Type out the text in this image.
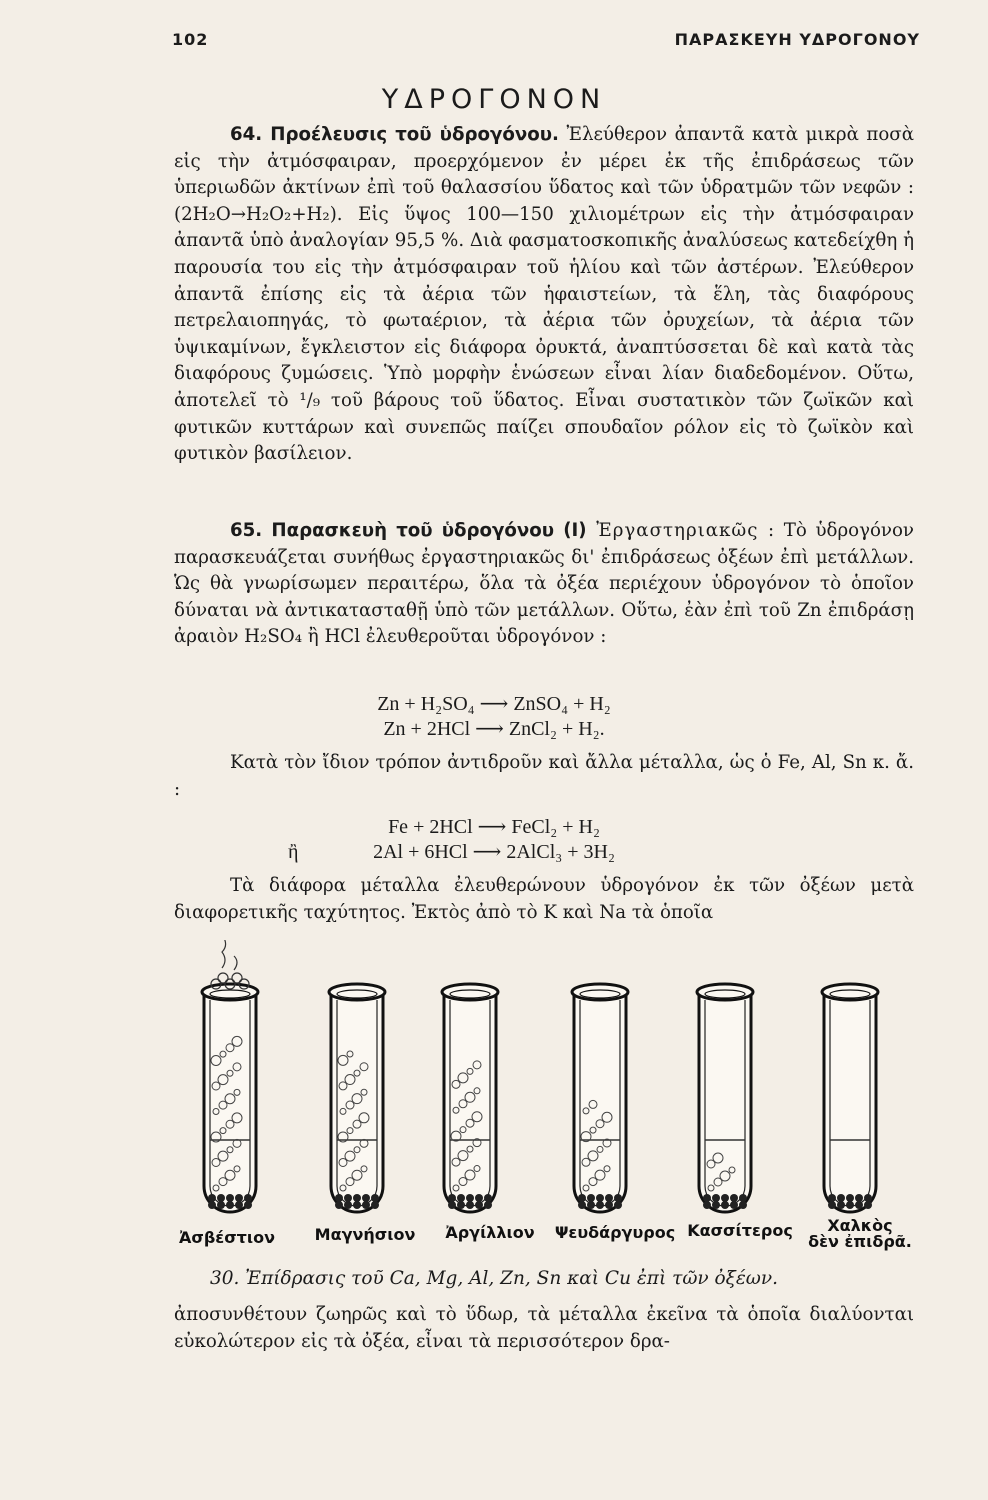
102	ΠΑΡΑΣΚΕΥΗ ΥΔΡΟΓΟΝΟΥ
ΥΔΡΟΓΟΝΟΝ

64. Προέλευσις τοῦ ὑδρογόνου. Ἐλεύθερον ἀπαντᾶ κατὰ μικρὰ ποσὰ εἰς τὴν ἀτμόσφαιραν, προερχόμενον ἐν μέρει ἐκ τῆς ἐπιδράσεως τῶν ὑπεριωδῶν ἀκτίνων ἐπὶ τοῦ θαλασσίου ὕδατος καὶ τῶν ὑδρατμῶν τῶν νεφῶν : (2H₂O→H₂O₂+H₂). Εἰς ὕψος 100—150 χιλιομέτρων εἰς τὴν ἀτμόσφαιραν ἀπαντᾶ ὑπὸ ἀναλογίαν 95,5 %. Διὰ φασματοσκοπικῆς ἀναλύσεως κατεδείχθη ἡ παρουσία του εἰς τὴν ἀτμόσφαιραν τοῦ ἡλίου καὶ τῶν ἀστέρων. Ἐλεύθερον ἀπαντᾶ ἐπίσης εἰς τὰ ἀέρια τῶν ἡφαιστείων, τὰ ἕλη, τὰς διαφόρους πετρελαιοπηγάς, τὸ φωταέριον, τὰ ἀέρια τῶν ὀρυχείων, τὰ ἀέρια τῶν ὑψικαμίνων, ἔγκλειστον εἰς διάφορα ὀρυκτά, ἀναπτύσσεται δὲ καὶ κατὰ τὰς διαφόρους ζυμώσεις. Ὑπὸ μορφὴν ἑνώσεων εἶναι λίαν διαδεδομένον. Οὕτω, ἀποτελεῖ τὸ ¹/₉ τοῦ βάρους τοῦ ὕδατος. Εἶναι συστατικὸν τῶν ζωϊκῶν καὶ φυτικῶν κυττάρων καὶ συνεπῶς παίζει σπουδαῖον ρόλον εἰς τὸ ζωϊκὸν καὶ φυτικὸν βασίλειον.

65. Παρασκευὴ τοῦ ὑδρογόνου (I) Ἐργαστηριακῶς : Τὸ ὑδρογόνον παρασκευάζεται συνήθως ἐργαστηριακῶς δι' ἐπιδράσεως ὀξέων ἐπὶ μετάλλων. Ὡς θὰ γνωρίσωμεν περαιτέρω, ὅλα τὰ ὀξέα περιέχουν ὑδρογόνον τὸ ὁποῖον δύναται νὰ ἀντικατασταθῇ ὑπὸ τῶν μετάλλων. Οὕτω, ἐὰν ἐπὶ τοῦ Zn ἐπιδράσῃ ἀραιὸν H₂SO₄ ἢ HCl ἐλευθεροῦται ὑδρογόνον :

Zn + H₂SO₄ ⟶ ZnSO₄ + H₂
Zn + 2HCl ⟶ ZnCl₂ + H₂.

Κατὰ τὸν ἴδιον τρόπον ἀντιδροῦν καὶ ἄλλα μέταλλα, ὡς ὁ Fe, Al, Sn κ. ἄ. :

Fe + 2HCl ⟶ FeCl₂ + H₂
ἢ	2Al + 6HCl ⟶ 2AlCl₃ + 3H₂

Τὰ διάφορα μέταλλα ἐλευθερώνουν ὑδρογόνον ἐκ τῶν ὀξέων μετὰ διαφορετικῆς ταχύτητος. Ἐκτὸς ἀπὸ τὸ K καὶ Na τὰ ὁποῖα

Ἀσβέστιον	Μαγνήσιον	Ἀργίλλιον	Ψευδάργυρος Κασσίτερος	Χαλκὸς
δὲν ἐπιδρᾶ.
30. Ἐπίδρασις τοῦ Ca, Mg, Al, Zn, Sn καὶ Cu ἐπὶ τῶν ὀξέων.

ἀποσυνθέτουν ζωηρῶς καὶ τὸ ὕδωρ, τὰ μέταλλα ἐκεῖνα τὰ ὁποῖα διαλύονται εὐκολώτερον εἰς τὰ ὀξέα, εἶναι τὰ περισσότερον δρα-
